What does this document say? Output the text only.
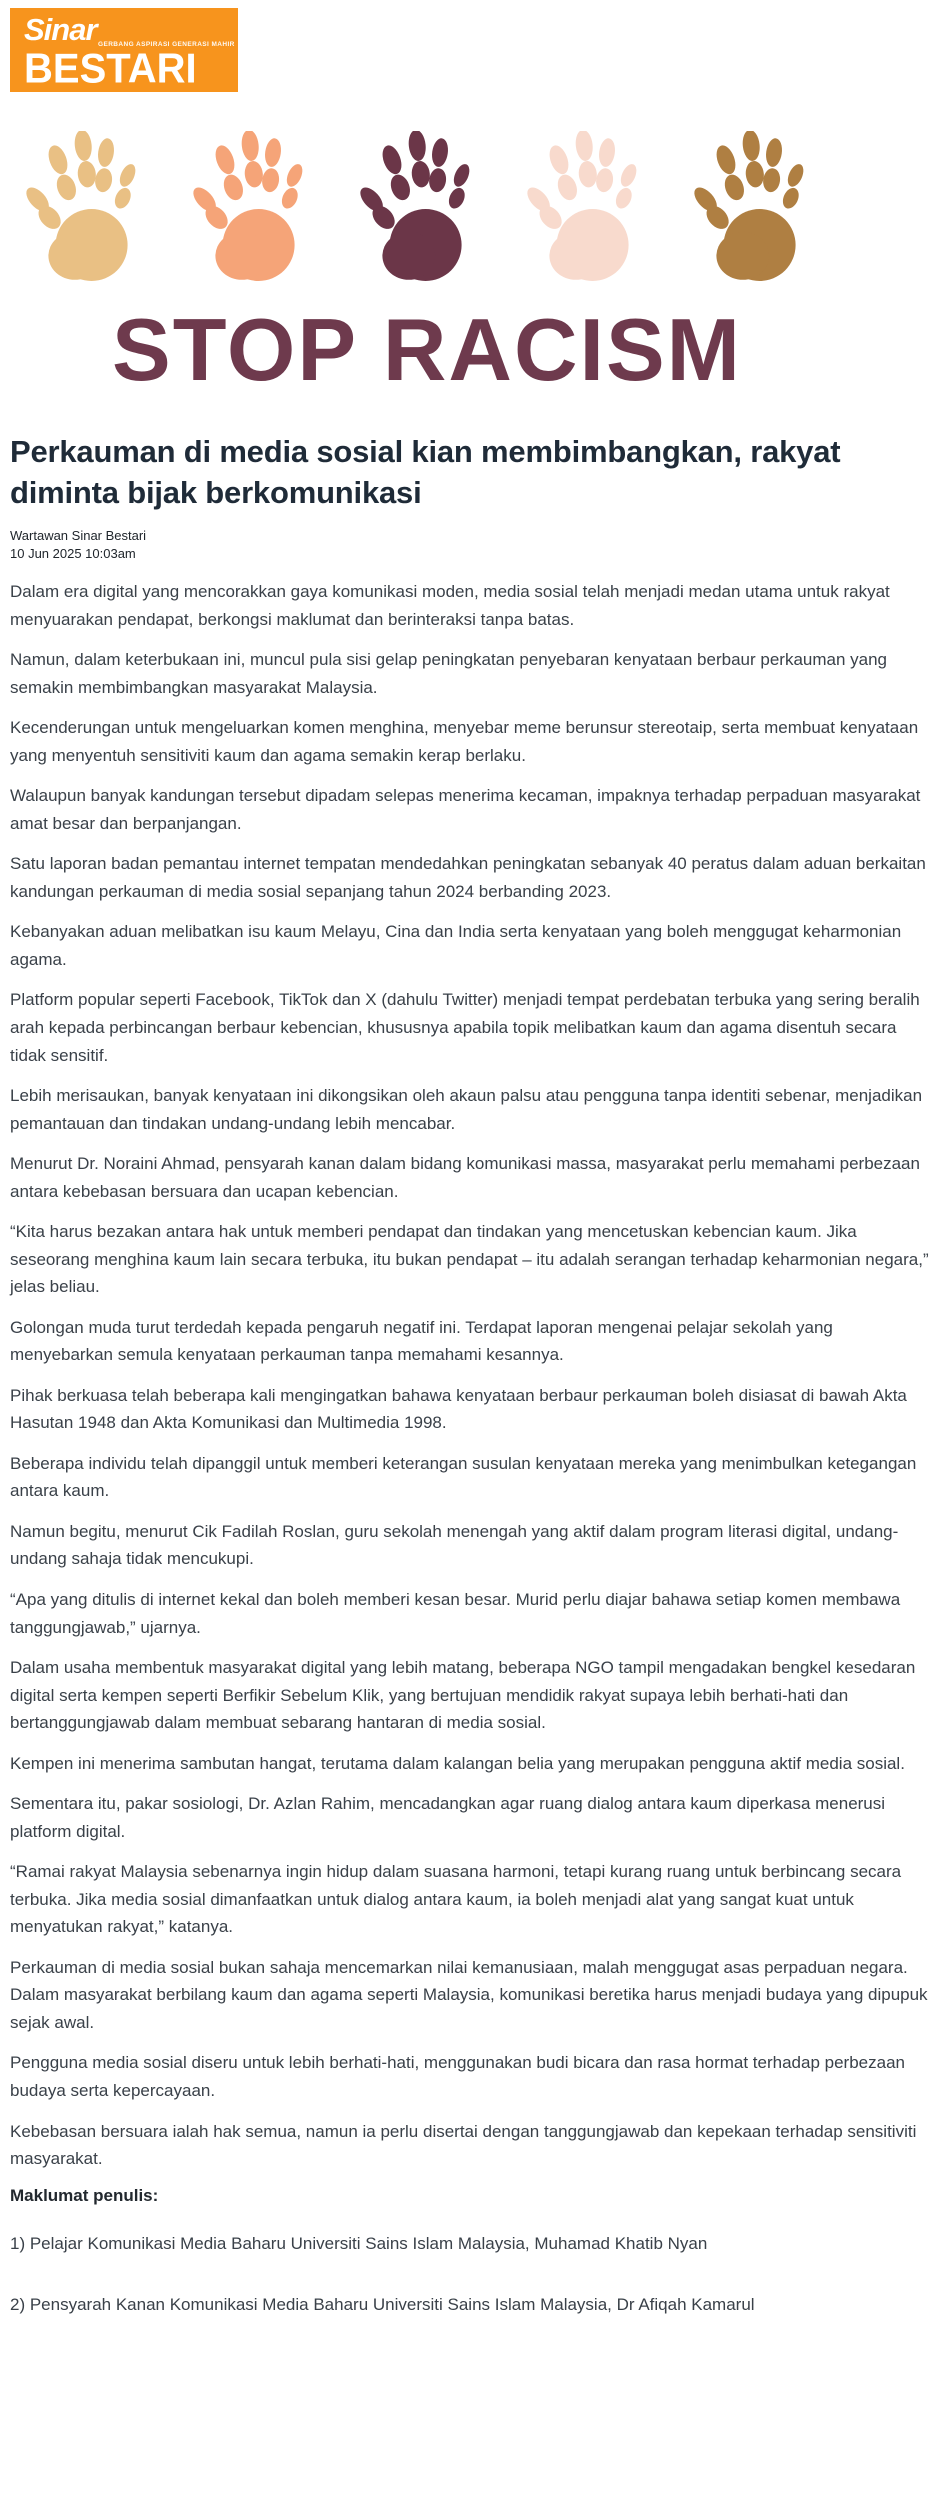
Sinar GERBANG ASPIRASI GENERASI MAHIR
BESTARI
STOP RACISM
Perkauman di media sosial kian membimbangkan, rakyat diminta bijak berkomunikasi
Wartawan Sinar Bestari
10 Jun 2025 10:03am

Dalam era digital yang mencorakkan gaya komunikasi moden, media sosial telah menjadi medan utama untuk rakyat menyuarakan pendapat, berkongsi maklumat dan berinteraksi tanpa batas.

Namun, dalam keterbukaan ini, muncul pula sisi gelap peningkatan penyebaran kenyataan berbaur perkauman yang semakin membimbangkan masyarakat Malaysia.

Kecenderungan untuk mengeluarkan komen menghina, menyebar meme berunsur stereotaip, serta membuat kenyataan yang menyentuh sensitiviti kaum dan agama semakin kerap berlaku.

Walaupun banyak kandungan tersebut dipadam selepas menerima kecaman, impaknya terhadap perpaduan masyarakat amat besar dan berpanjangan.

Satu laporan badan pemantau internet tempatan mendedahkan peningkatan sebanyak 40 peratus dalam aduan berkaitan kandungan perkauman di media sosial sepanjang tahun 2024 berbanding 2023.

Kebanyakan aduan melibatkan isu kaum Melayu, Cina dan India serta kenyataan yang boleh menggugat keharmonian agama.

Platform popular seperti Facebook, TikTok dan X (dahulu Twitter) menjadi tempat perdebatan terbuka yang sering beralih arah kepada perbincangan berbaur kebencian, khususnya apabila topik melibatkan kaum dan agama disentuh secara tidak sensitif.

Lebih merisaukan, banyak kenyataan ini dikongsikan oleh akaun palsu atau pengguna tanpa identiti sebenar, menjadikan pemantauan dan tindakan undang-undang lebih mencabar.

Menurut Dr. Noraini Ahmad, pensyarah kanan dalam bidang komunikasi massa, masyarakat perlu memahami perbezaan antara kebebasan bersuara dan ucapan kebencian.

“Kita harus bezakan antara hak untuk memberi pendapat dan tindakan yang mencetuskan kebencian kaum. Jika seseorang menghina kaum lain secara terbuka, itu bukan pendapat – itu adalah serangan terhadap keharmonian negara,” jelas beliau.

Golongan muda turut terdedah kepada pengaruh negatif ini. Terdapat laporan mengenai pelajar sekolah yang menyebarkan semula kenyataan perkauman tanpa memahami kesannya.

Pihak berkuasa telah beberapa kali mengingatkan bahawa kenyataan berbaur perkauman boleh disiasat di bawah Akta Hasutan 1948 dan Akta Komunikasi dan Multimedia 1998.

Beberapa individu telah dipanggil untuk memberi keterangan susulan kenyataan mereka yang menimbulkan ketegangan antara kaum.

Namun begitu, menurut Cik Fadilah Roslan, guru sekolah menengah yang aktif dalam program literasi digital, undang-undang sahaja tidak mencukupi.

“Apa yang ditulis di internet kekal dan boleh memberi kesan besar. Murid perlu diajar bahawa setiap komen membawa tanggungjawab,” ujarnya.

Dalam usaha membentuk masyarakat digital yang lebih matang, beberapa NGO tampil mengadakan bengkel kesedaran digital serta kempen seperti Berfikir Sebelum Klik, yang bertujuan mendidik rakyat supaya lebih berhati-hati dan bertanggungjawab dalam membuat sebarang hantaran di media sosial.

Kempen ini menerima sambutan hangat, terutama dalam kalangan belia yang merupakan pengguna aktif media sosial.

Sementara itu, pakar sosiologi, Dr. Azlan Rahim, mencadangkan agar ruang dialog antara kaum diperkasa menerusi platform digital.

“Ramai rakyat Malaysia sebenarnya ingin hidup dalam suasana harmoni, tetapi kurang ruang untuk berbincang secara terbuka. Jika media sosial dimanfaatkan untuk dialog antara kaum, ia boleh menjadi alat yang sangat kuat untuk menyatukan rakyat,” katanya.

Perkauman di media sosial bukan sahaja mencemarkan nilai kemanusiaan, malah menggugat asas perpaduan negara. Dalam masyarakat berbilang kaum dan agama seperti Malaysia, komunikasi beretika harus menjadi budaya yang dipupuk sejak awal.

Pengguna media sosial diseru untuk lebih berhati-hati, menggunakan budi bicara dan rasa hormat terhadap perbezaan budaya serta kepercayaan.

Kebebasan bersuara ialah hak semua, namun ia perlu disertai dengan tanggungjawab dan kepekaan terhadap sensitiviti masyarakat.

Maklumat penulis:

1) Pelajar Komunikasi Media Baharu Universiti Sains Islam Malaysia, Muhamad Khatib Nyan

2) Pensyarah Kanan Komunikasi Media Baharu Universiti Sains Islam Malaysia, Dr Afiqah Kamarul
